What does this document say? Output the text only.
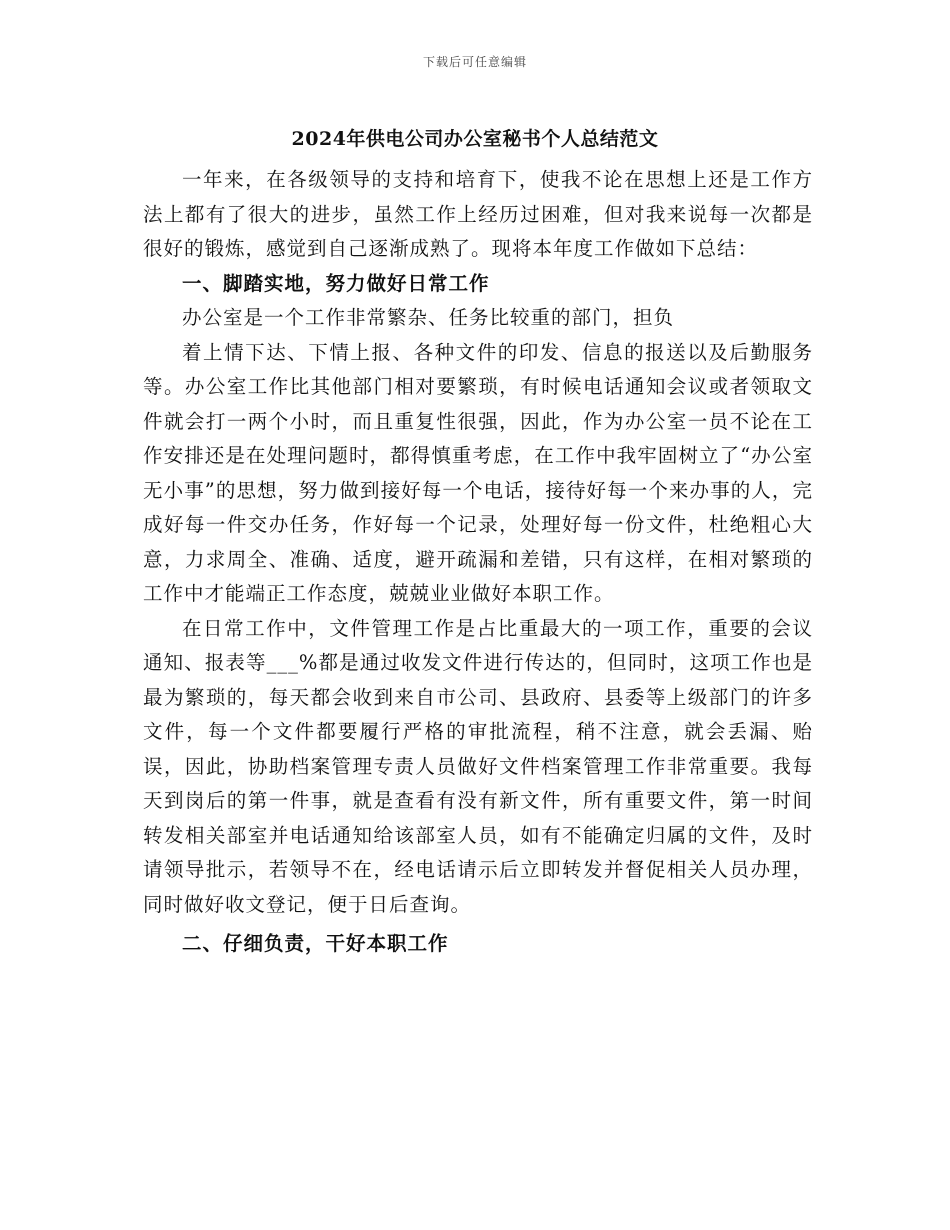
下载后可任意编辑
2024年供电公司办公室秘书个人总结范文

一年来，在各级领导的支持和培育下，使我不论在思想上还是工作方法上都有了很大的进步，虽然工作上经历过困难，但对我来说每一次都是很好的锻炼，感觉到自己逐渐成熟了。现将本年度工作做如下总结：

一、脚踏实地，努力做好日常工作

办公室是一个工作非常繁杂、任务比较重的部门，担负

着上情下达、下情上报、各种文件的印发、信息的报送以及后勤服务等。办公室工作比其他部门相对要繁琐，有时候电话通知会议或者领取文件就会打一两个小时，而且重复性很强，因此，作为办公室一员不论在工作安排还是在处理问题时，都得慎重考虑，在工作中我牢固树立了“办公室无小事”的思想，努力做到接好每一个电话，接待好每一个来办事的人，完成好每一件交办任务，作好每一个记录，处理好每一份文件，杜绝粗心大意，力求周全、准确、适度，避开疏漏和差错，只有这样，在相对繁琐的工作中才能端正工作态度，兢兢业业做好本职工作。

在日常工作中，文件管理工作是占比重最大的一项工作，重要的会议通知、报表等___%都是通过收发文件进行传达的，但同时，这项工作也是最为繁琐的，每天都会收到来自市公司、县政府、县委等上级部门的许多文件，每一个文件都要履行严格的审批流程，稍不注意，就会丢漏、贻误，因此，协助档案管理专责人员做好文件档案管理工作非常重要。我每天到岗后的第一件事，就是查看有没有新文件，所有重要文件，第一时间转发相关部室并电话通知给该部室人员，如有不能确定归属的文件，及时请领导批示，若领导不在，经电话请示后立即转发并督促相关人员办理，同时做好收文登记，便于日后查询。

二、仔细负责，干好本职工作
